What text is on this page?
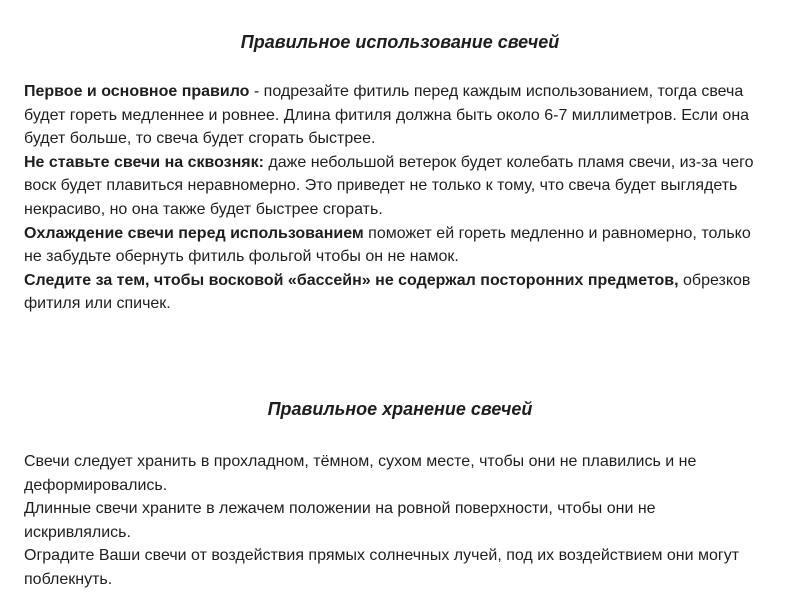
Правильное использование свечей

Первое и основное правило - подрезайте фитиль перед каждым использованием, тогда свеча будет гореть медленнее и ровнее. Длина фитиля должна быть около 6-7 миллиметров. Если она будет больше, то свеча будет сгорать быстрее.

Не ставьте свечи на сквозняк: даже небольшой ветерок будет колебать пламя свечи, из-за чего воск будет плавиться неравномерно. Это приведет не только к тому, что свеча будет выглядеть некрасиво, но она также будет быстрее сгорать.

Охлаждение свечи перед использованием поможет ей гореть медленно и равномерно, только не забудьте обернуть фитиль фольгой чтобы он не намок.

Следите за тем, чтобы восковой «бассейн» не содержал посторонних предметов, обрезков фитиля или спичек.

Правильное хранение свечей

Свечи следует хранить в прохладном, тёмном, сухом месте, чтобы они не плавились и не деформировались.

Длинные свечи храните в лежачем положении на ровной поверхности, чтобы они не искривлялись.

Оградите Ваши свечи от воздействия прямых солнечных лучей, под их воздействием они могут поблекнуть.
